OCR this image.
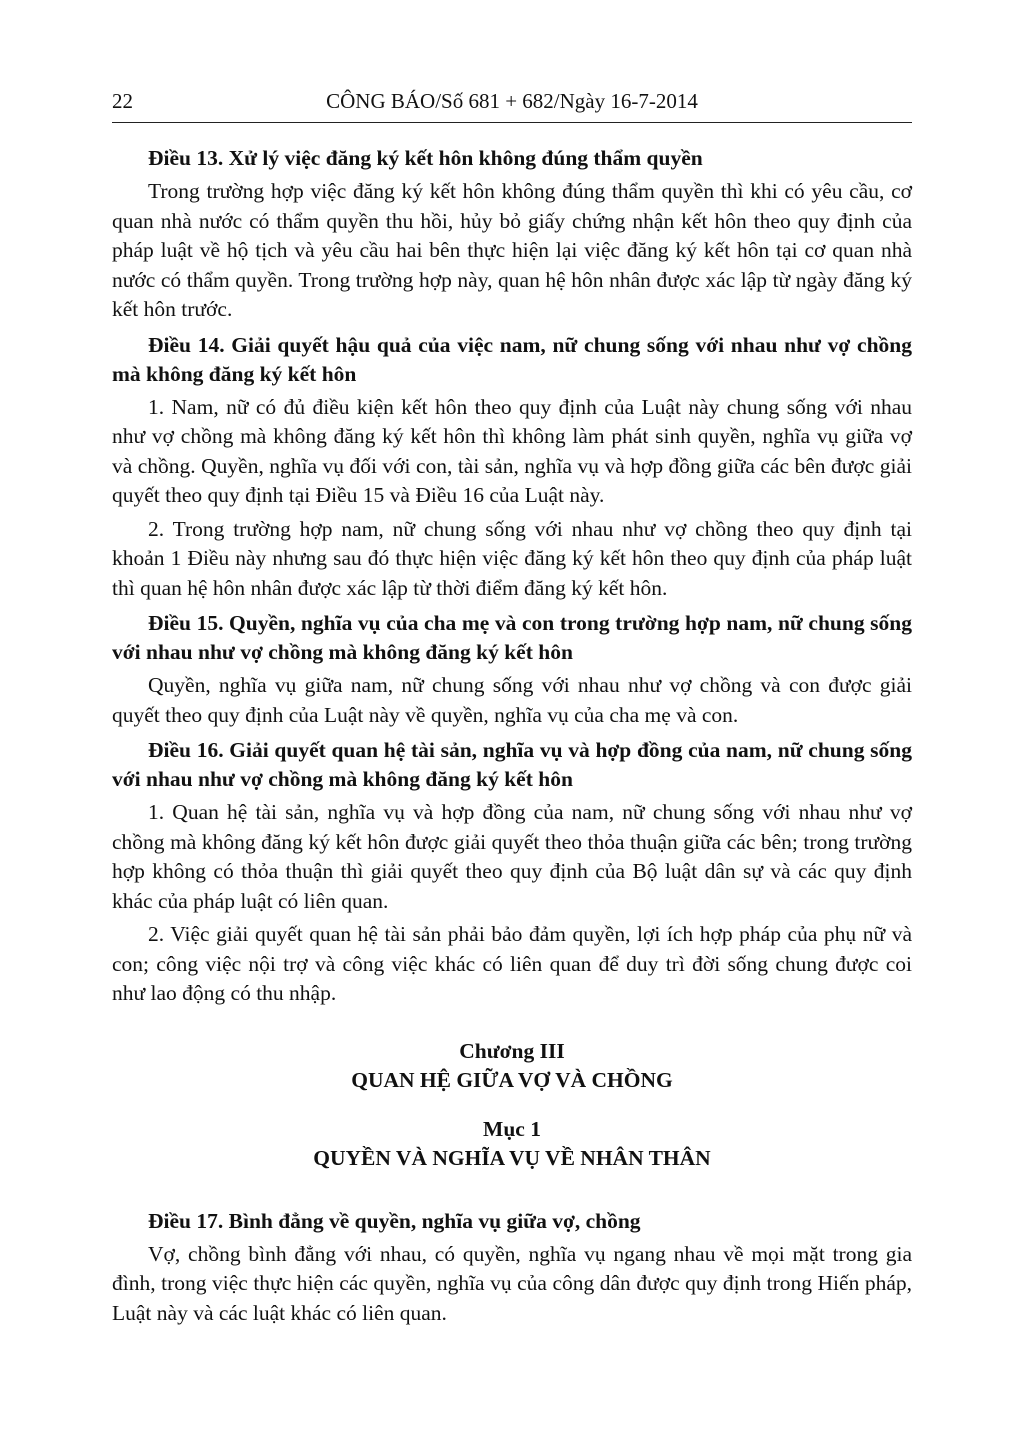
22	CÔNG BÁO/Số 681 + 682/Ngày 16-7-2014

Điều 13. Xử lý việc đăng ký kết hôn không đúng thẩm quyền

Trong trường hợp việc đăng ký kết hôn không đúng thẩm quyền thì khi có yêu cầu, cơ quan nhà nước có thẩm quyền thu hồi, hủy bỏ giấy chứng nhận kết hôn theo quy định của pháp luật về hộ tịch và yêu cầu hai bên thực hiện lại việc đăng ký kết hôn tại cơ quan nhà nước có thẩm quyền. Trong trường hợp này, quan hệ hôn nhân được xác lập từ ngày đăng ký kết hôn trước.

Điều 14. Giải quyết hậu quả của việc nam, nữ chung sống với nhau như vợ chồng mà không đăng ký kết hôn

1. Nam, nữ có đủ điều kiện kết hôn theo quy định của Luật này chung sống với nhau như vợ chồng mà không đăng ký kết hôn thì không làm phát sinh quyền, nghĩa vụ giữa vợ và chồng. Quyền, nghĩa vụ đối với con, tài sản, nghĩa vụ và hợp đồng giữa các bên được giải quyết theo quy định tại Điều 15 và Điều 16 của Luật này.

2. Trong trường hợp nam, nữ chung sống với nhau như vợ chồng theo quy định tại khoản 1 Điều này nhưng sau đó thực hiện việc đăng ký kết hôn theo quy định của pháp luật thì quan hệ hôn nhân được xác lập từ thời điểm đăng ký kết hôn.

Điều 15. Quyền, nghĩa vụ của cha mẹ và con trong trường hợp nam, nữ chung sống với nhau như vợ chồng mà không đăng ký kết hôn

Quyền, nghĩa vụ giữa nam, nữ chung sống với nhau như vợ chồng và con được giải quyết theo quy định của Luật này về quyền, nghĩa vụ của cha mẹ và con.

Điều 16. Giải quyết quan hệ tài sản, nghĩa vụ và hợp đồng của nam, nữ chung sống với nhau như vợ chồng mà không đăng ký kết hôn

1. Quan hệ tài sản, nghĩa vụ và hợp đồng của nam, nữ chung sống với nhau như vợ chồng mà không đăng ký kết hôn được giải quyết theo thỏa thuận giữa các bên; trong trường hợp không có thỏa thuận thì giải quyết theo quy định của Bộ luật dân sự và các quy định khác của pháp luật có liên quan.

2. Việc giải quyết quan hệ tài sản phải bảo đảm quyền, lợi ích hợp pháp của phụ nữ và con; công việc nội trợ và công việc khác có liên quan để duy trì đời sống chung được coi như lao động có thu nhập.

Chương III

QUAN HỆ GIỮA VỢ VÀ CHỒNG

Mục 1

QUYỀN VÀ NGHĨA VỤ VỀ NHÂN THÂN

Điều 17. Bình đẳng về quyền, nghĩa vụ giữa vợ, chồng

Vợ, chồng bình đẳng với nhau, có quyền, nghĩa vụ ngang nhau về mọi mặt trong gia đình, trong việc thực hiện các quyền, nghĩa vụ của công dân được quy định trong Hiến pháp, Luật này và các luật khác có liên quan.
